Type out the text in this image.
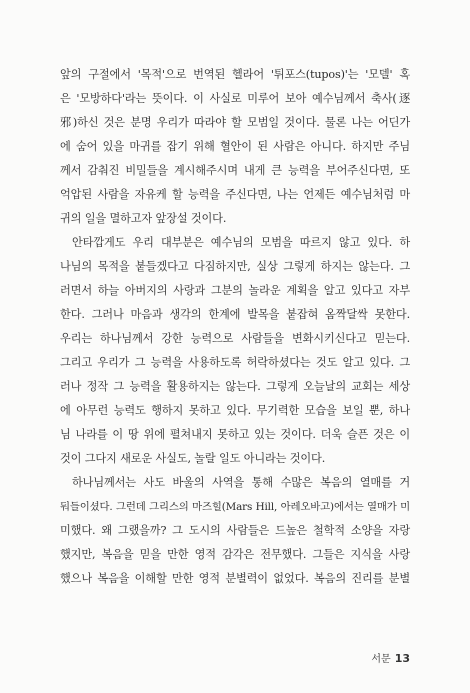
앞의 구절에서 '목적'으로 번역된 헬라어 '튀포스(tupos)'는 '모델' 혹
은 '모방하다'라는 뜻이다. 이 사실로 미루어 보아 예수님께서 축사(逐
邪)하신 것은 분명 우리가 따라야 할 모범일 것이다. 물론 나는 어딘가
에 숨어 있을 마귀를 잡기 위해 혈안이 된 사람은 아니다. 하지만 주님
께서 감춰진 비밀들을 계시해주시며 내게 큰 능력을 부어주신다면, 또
억압된 사람을 자유케 할 능력을 주신다면, 나는 언제든 예수님처럼 마
귀의 일을 멸하고자 앞장설 것이다.
안타깝게도 우리 대부분은 예수님의 모범을 따르지 않고 있다. 하
나님의 목적을 붙들겠다고 다짐하지만, 실상 그렇게 하지는 않는다. 그
러면서 하늘 아버지의 사랑과 그분의 놀라운 계획을 알고 있다고 자부
한다. 그러나 마음과 생각의 한계에 발목을 붙잡혀 옴짝달싹 못한다.
우리는 하나님께서 강한 능력으로 사람들을 변화시키신다고 믿는다.
그리고 우리가 그 능력을 사용하도록 허락하셨다는 것도 알고 있다. 그
러나 정작 그 능력을 활용하지는 않는다. 그렇게 오늘날의 교회는 세상
에 아무런 능력도 행하지 못하고 있다. 무기력한 모습을 보일 뿐, 하나
님 나라를 이 땅 위에 펼쳐내지 못하고 있는 것이다. 더욱 슬픈 것은 이
것이 그다지 새로운 사실도, 놀랄 일도 아니라는 것이다.
하나님께서는 사도 바울의 사역을 통해 수많은 복음의 열매를 거
둬들이셨다. 그런데 그리스의 마즈힐(Mars Hill, 아레오바고)에서는 열매가 미
미했다. 왜 그랬을까? 그 도시의 사람들은 드높은 철학적 소양을 자랑
했지만, 복음을 믿을 만한 영적 감각은 전무했다. 그들은 지식을 사랑
했으나 복음을 이해할 만한 영적 분별력이 없었다. 복음의 진리를 분별
서문 13
